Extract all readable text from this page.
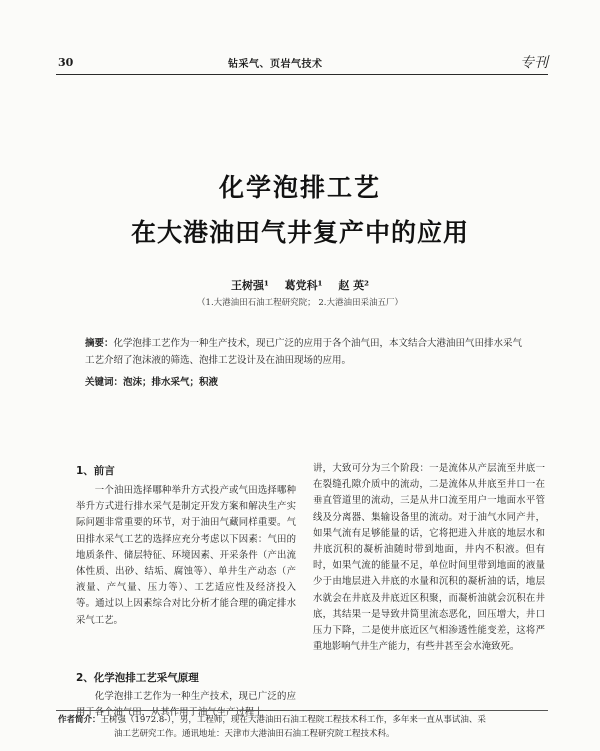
30	钻采气、页岩气技术	专刊
化学泡排工艺
在大港油田气井复产中的应用
王树强¹ 葛党科¹ 赵 英²
（1.大港油田石油工程研究院； 2.大港油田采油五厂）
摘要：化学泡排工艺作为一种生产技术，现已广泛的应用于各个油气田，本文结合大港油田气田排水采气工艺介绍了泡沫液的筛选、泡排工艺设计及在油田现场的应用。
关键词：泡沫；排水采气；积液
1、前言
一个油田选择哪种举升方式投产或气田选择哪种举升方式进行排水采气是制定开发方案和解决生产实际问题非常重要的环节，对于油田气藏同样重要。气田排水采气工艺的选择应充分考虑以下因素：气田的地质条件、储层特征、环境因素、开采条件（产出流体性质、出砂、结垢、腐蚀等）、单井生产动态（产液量、产气量、压力等）、工艺适应性及经济投入等。通过以上因素综合对比分析才能合理的确定排水采气工艺。
2、化学泡排工艺采气原理
化学泡排工艺作为一种生产技术，现已广泛的应用于各个油气田，从其作用于油气生产过程上
讲，大致可分为三个阶段：一是流体从产层流至井底一在裂缝孔隙介质中的流动，二是流体从井底至井口一在垂直管道里的流动，三是从井口流至用户一地面水平管线及分离器、集输设备里的流动。对于油气水同产井，如果气流有足够能量的话，它将把进入井底的地层水和井底沉积的凝析油随时带到地面，井内不积液。但有时，如果气流的能量不足，单位时间里带到地面的液量少于由地层进入井底的水量和沉积的凝析油的话，地层水就会在井底及井底近区积聚，而凝析油就会沉积在井底，其结果一是导致井筒里流态恶化，回压增大，井口压力下降，二是使井底近区气相渗透性能变差，这将严重地影响气井生产能力，有些井甚至会水淹致死。
作者简介：王树强（1972.8-），男，工程师，现在大港油田石油工程院工程技术科工作，多年来一直从事试油、采
油工艺研究工作。通讯地址：天津市大港油田石油工程研究院工程技术科。
